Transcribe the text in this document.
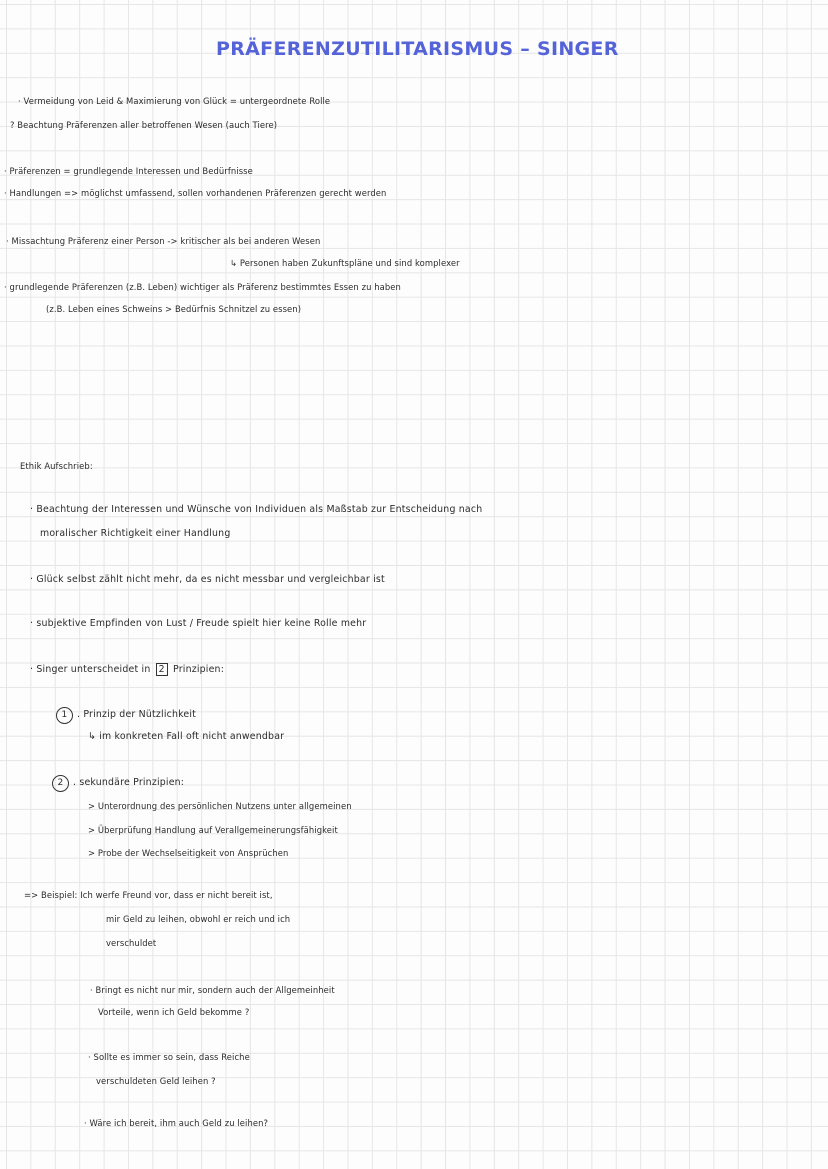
PRÄFERENZUTILITARISMUS – SINGER
· Vermeidung von Leid & Maximierung von Glück = untergeordnete Rolle
? Beachtung Präferenzen aller betroffenen Wesen (auch Tiere)
· Präferenzen = grundlegende Interessen und Bedürfnisse
· Handlungen => möglichst umfassend, sollen vorhandenen Präferenzen gerecht werden
· Missachtung Präferenz einer Person -> kritischer als bei anderen Wesen
↳ Personen haben Zukunftspläne und sind komplexer
· grundlegende Präferenzen (z.B. Leben) wichtiger als Präferenz bestimmtes Essen zu haben
(z.B. Leben eines Schweins > Bedürfnis Schnitzel zu essen)
Ethik Aufschrieb:
· Beachtung der Interessen und Wünsche von Individuen als Maßstab zur Entscheidung nach
moralischer Richtigkeit einer Handlung
· Glück selbst zählt nicht mehr, da es nicht messbar und vergleichbar ist
· subjektive Empfinden von Lust / Freude spielt hier keine Rolle mehr
· Singer unterscheidet in 2 Prinzipien:
1 . Prinzip der Nützlichkeit
↳ im konkreten Fall oft nicht anwendbar
2 . sekundäre Prinzipien:
> Unterordnung des persönlichen Nutzens unter allgemeinen
> Überprüfung Handlung auf Verallgemeinerungsfähigkeit
> Probe der Wechselseitigkeit von Ansprüchen
=> Beispiel: Ich werfe Freund vor, dass er nicht bereit ist,
mir Geld zu leihen, obwohl er reich und ich
verschuldet
· Bringt es nicht nur mir, sondern auch der Allgemeinheit
Vorteile, wenn ich Geld bekomme ?
· Sollte es immer so sein, dass Reiche
verschuldeten Geld leihen ?
· Wäre ich bereit, ihm auch Geld zu leihen?
